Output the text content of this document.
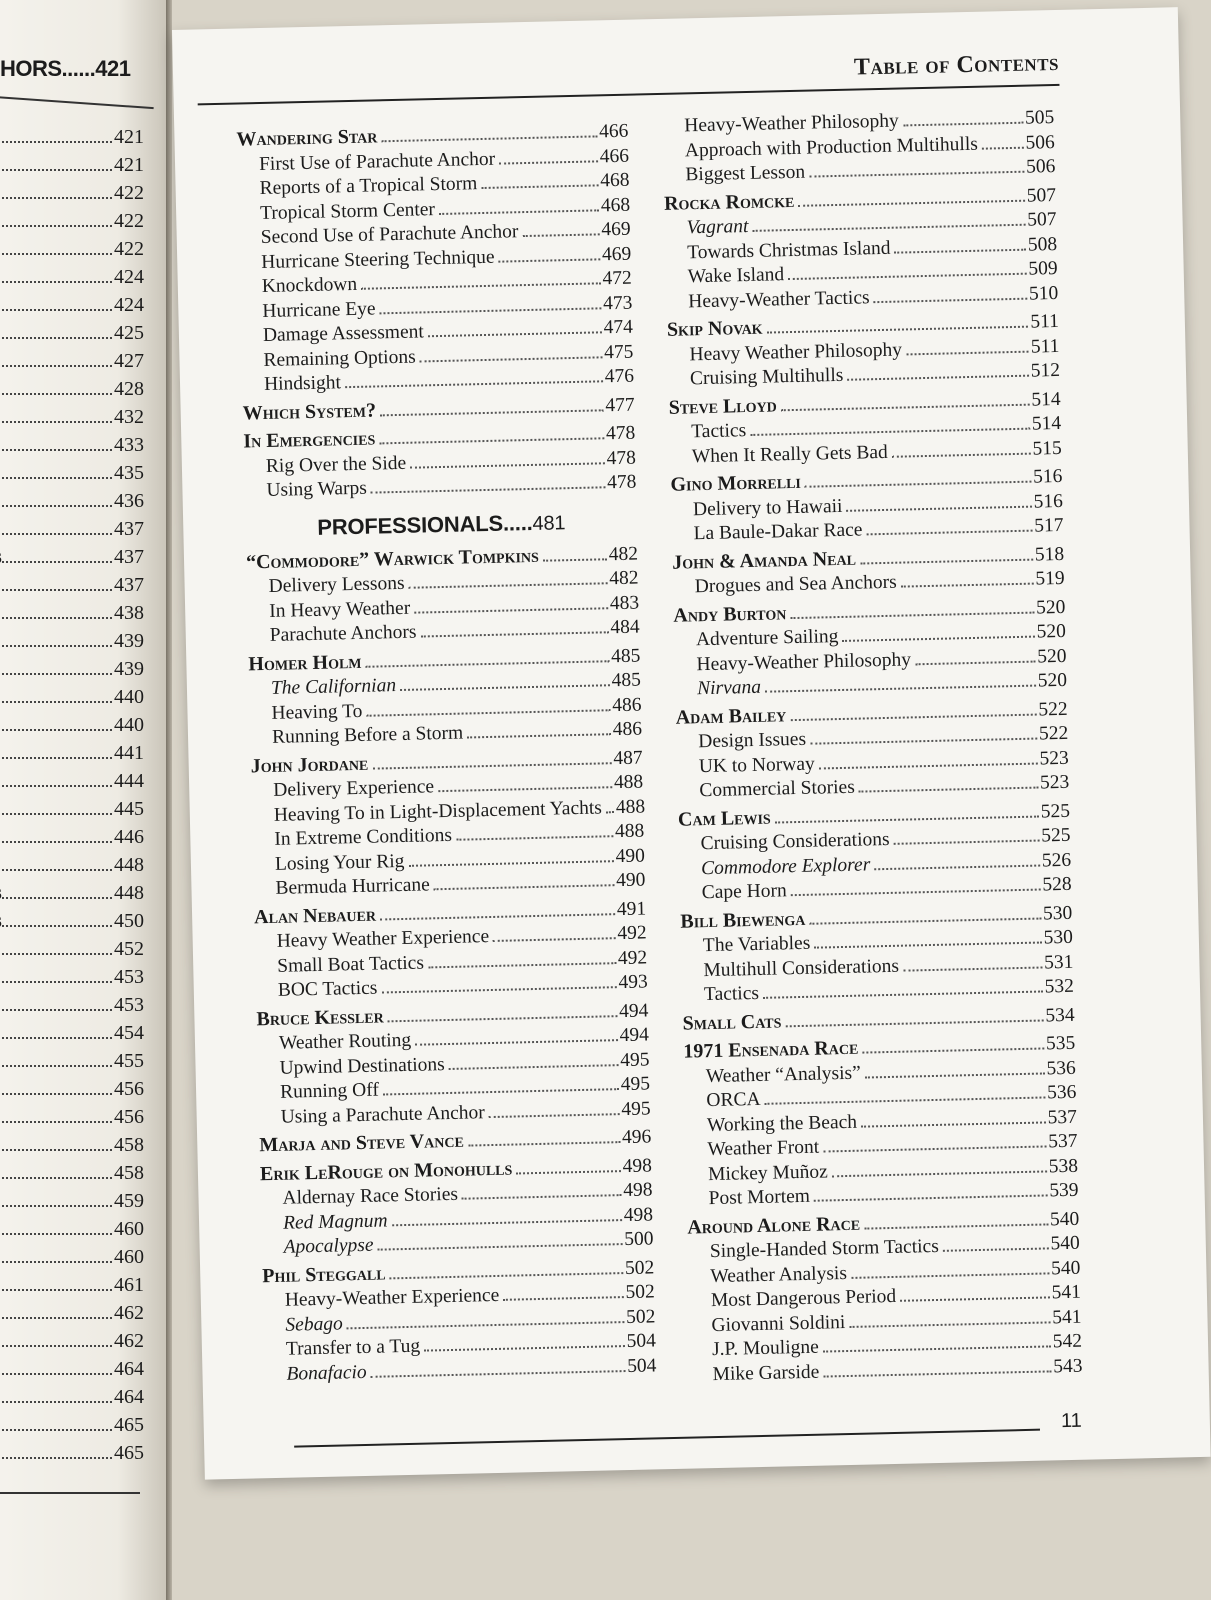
HORS......421
421
421
422
422
422
424
424
425
427
428
432
433
435
436
437
437
437
438
439
439
440
440
441
444
445
446
448
448
450
452
453
453
454
455
456
456
458
458
459
460
460
461
462
462
464
464
465
465
Table of Contents
Wandering Star	466
First Use of Parachute Anchor	466
Reports of a Tropical Storm	468
Tropical Storm Center	468
Second Use of Parachute Anchor	469
Hurricane Steering Technique	469
Knockdown	472
Hurricane Eye	473
Damage Assessment	474
Remaining Options	475
Hindsight	476
Which System?	477
In Emergencies	478
Rig Over the Side	478
Using Warps	478
PROFESSIONALS.....481
“Commodore” Warwick Tompkins	482
Delivery Lessons	482
In Heavy Weather	483
Parachute Anchors	484
Homer Holm	485
The Californian	485
Heaving To	486
Running Before a Storm	486
John Jordane	487
Delivery Experience	488
Heaving To in Light-Displacement Yachts 488
In Extreme Conditions	488
Losing Your Rig	490
Bermuda Hurricane	490
Alan Nebauer	491
Heavy Weather Experience	492
Small Boat Tactics	492
BOC Tactics	493
Bruce Kessler	494
Weather Routing	494
Upwind Destinations	495
Running Off	495
Using a Parachute Anchor	495
Marja and Steve Vance	496
Erik LeRouge on Monohulls	498
Aldernay Race Stories	498
Red Magnum	498
Apocalypse	500
Phil Steggall	502
Heavy-Weather Experience	502
Sebago	502
Transfer to a Tug	504
Bonafacio	504
Heavy-Weather Philosophy	505
Approach with Production Multihulls 506
Biggest Lesson	506
Rocka Romcke	507
Vagrant	507
Towards Christmas Island	508
Wake Island	509
Heavy-Weather Tactics	510
Skip Novak	511
Heavy Weather Philosophy	511
Cruising Multihulls	512
Steve Lloyd	514
Tactics	514
When It Really Gets Bad	515
Gino Morrelli	516
Delivery to Hawaii	516
La Baule-Dakar Race	517
John & Amanda Neal	518
Drogues and Sea Anchors	519
Andy Burton	520
Adventure Sailing	520
Heavy-Weather Philosophy	520
Nirvana	520
Adam Bailey	522
Design Issues	522
UK to Norway	523
Commercial Stories	523
Cam Lewis	525
Cruising Considerations	525
Commodore Explorer	526
Cape Horn	528
Bill Biewenga	530
The Variables	530
Multihull Considerations	531
Tactics	532
Small Cats	534
1971 Ensenada Race	535
Weather “Analysis”	536
ORCA	536
Working the Beach	537
Weather Front	537
Mickey Muñoz	538
Post Mortem	539
Around Alone Race	540
Single-Handed Storm Tactics	540
Weather Analysis	540
Most Dangerous Period	541
Giovanni Soldini	541
J.P. Mouligne	542
Mike Garside	543
11
